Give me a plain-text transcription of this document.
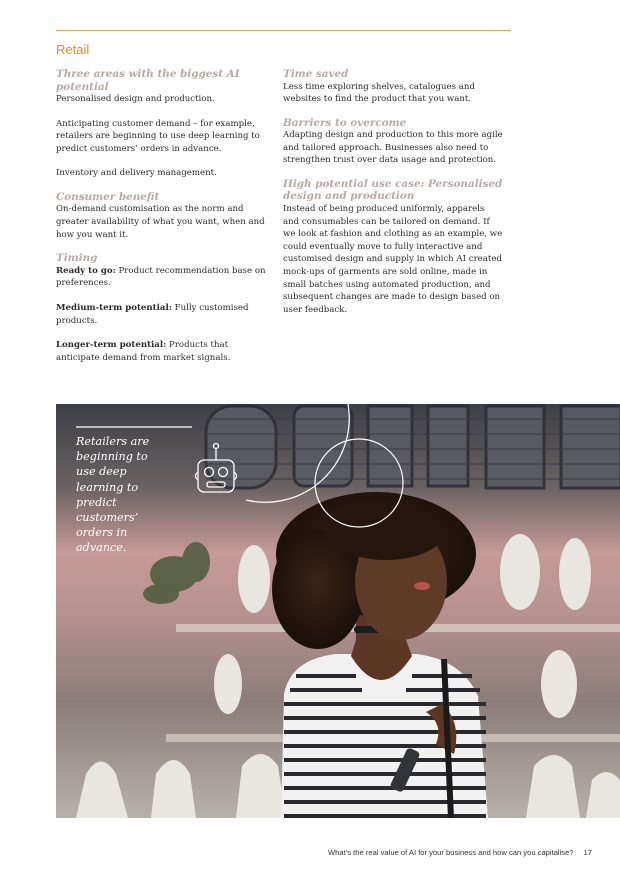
Retail

Three areas with the biggest AI potential

Personalised design and production.

Anticipating customer demand – for example, retailers are beginning to use deep learning to predict customers’ orders in advance.

Inventory and delivery management.

Consumer benefit

On-demand customisation as the norm and greater availability of what you want, when and how you want it.

Timing

Ready to go: Product recommendation base on preferences.

Medium-term potential: Fully customised products.

Longer-term potential: Products that anticipate demand from market signals.

Time saved

Less time exploring shelves, catalogues and websites to find the product that you want.

Barriers to overcome

Adapting design and production to this more agile and tailored approach. Businesses also need to strengthen trust over data usage and protection.

High potential use case: Personalised design and production

Instead of being produced uniformly, apparels and consumables can be tailored on demand. If we look at fashion and clothing as an example, we could eventually move to fully interactive and customised design and supply in which AI created mock-ups of garments are sold online, made in small batches using automated production, and subsequent changes are made to design based on user feedback.

Retailers are beginning to use deep learning to predict customers’ orders in advance.
What’s the real value of AI for your business and how can you capitalise? 17
